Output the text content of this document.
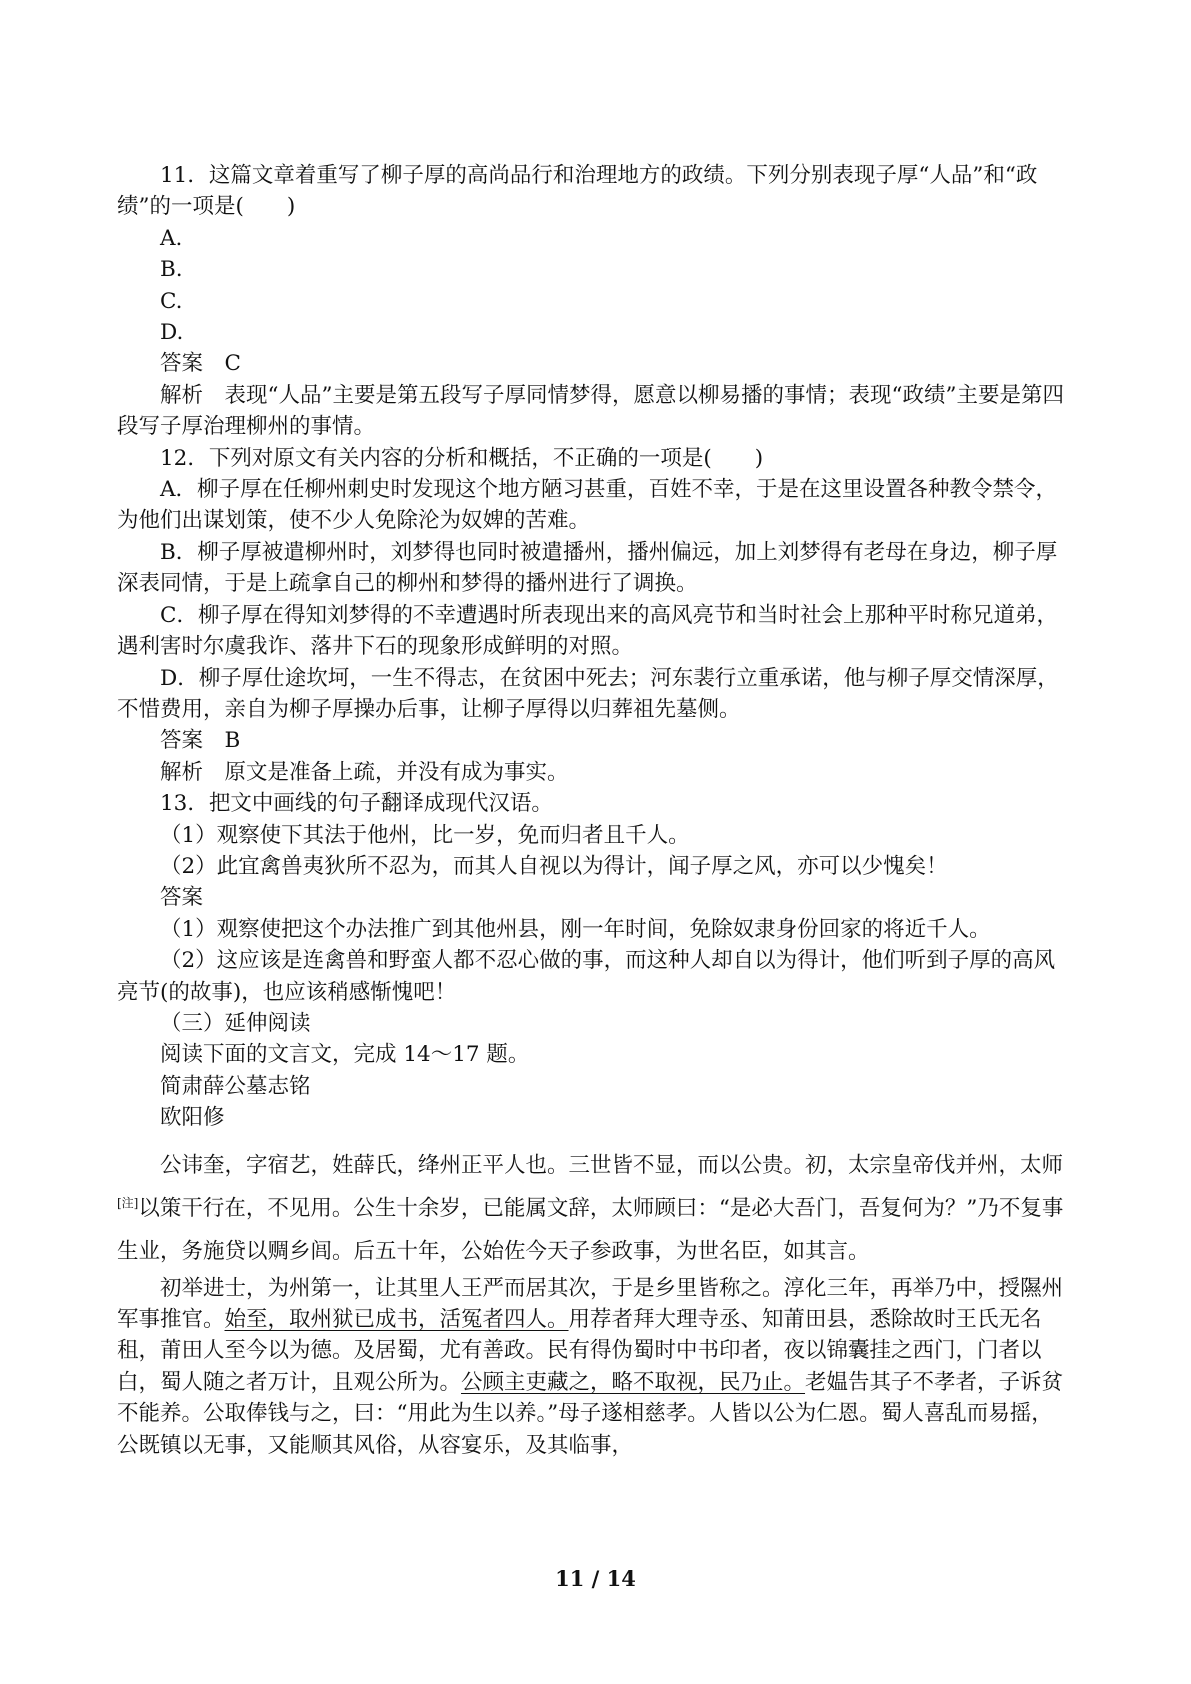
11．这篇文章着重写了柳子厚的高尚品行和治理地方的政绩。下列分别表现子厚“人品”和“政绩”的一项是(　　)

A.

B.

C.

D.

答案　C

解析　表现“人品”主要是第五段写子厚同情梦得，愿意以柳易播的事情；表现“政绩”主要是第四段写子厚治理柳州的事情。

12．下列对原文有关内容的分析和概括，不正确的一项是(　　)

A．柳子厚在任柳州刺史时发现这个地方陋习甚重，百姓不幸，于是在这里设置各种教令禁令，为他们出谋划策，使不少人免除沦为奴婢的苦难。

B．柳子厚被遣柳州时，刘梦得也同时被遣播州，播州偏远，加上刘梦得有老母在身边，柳子厚深表同情，于是上疏拿自己的柳州和梦得的播州进行了调换。

C．柳子厚在得知刘梦得的不幸遭遇时所表现出来的高风亮节和当时社会上那种平时称兄道弟，遇利害时尔虞我诈、落井下石的现象形成鲜明的对照。

D．柳子厚仕途坎坷，一生不得志，在贫困中死去；河东裴行立重承诺，他与柳子厚交情深厚，不惜费用，亲自为柳子厚操办后事，让柳子厚得以归葬祖先墓侧。

答案　B

解析　原文是准备上疏，并没有成为事实。

13．把文中画线的句子翻译成现代汉语。

（1）观察使下其法于他州，比一岁，免而归者且千人。

（2）此宜禽兽夷狄所不忍为，而其人自视以为得计，闻子厚之风，亦可以少愧矣！

答案

（1）观察使把这个办法推广到其他州县，刚一年时间，免除奴隶身份回家的将近千人。

（2）这应该是连禽兽和野蛮人都不忍心做的事，而这种人却自以为得计，他们听到子厚的高风亮节(的故事)，也应该稍感惭愧吧！

（三）延伸阅读

阅读下面的文言文，完成 14～17 题。

简肃薛公墓志铭

欧阳修

公讳奎，字宿艺，姓薛氏，绛州正平人也。三世皆不显，而以公贵。初，太宗皇帝伐并州，太师[注]以策干行在，不见用。公生十余岁，已能属文辞，太师顾曰：“是必大吾门，吾复何为？”乃不复事生业，务施贷以赒乡闾。后五十年，公始佐今天子参政事，为世名臣，如其言。

初举进士，为州第一，让其里人王严而居其次，于是乡里皆称之。淳化三年，再举乃中，授隰州军事推官。始至，取州狱已成书，活冤者四人。用荐者拜大理寺丞、知莆田县，悉除故时王氏无名租，莆田人至今以为德。及居蜀，尤有善政。民有得伪蜀时中书印者，夜以锦囊挂之西门，门者以白，蜀人随之者万计，且观公所为。公顾主吏藏之，略不取视，民乃止。老媪告其子不孝者，子诉贫不能养。公取俸钱与之，曰：“用此为生以养。”母子遂相慈孝。人皆以公为仁恩。蜀人喜乱而易摇，公既镇以无事，又能顺其风俗，从容宴乐，及其临事，

11 / 14
